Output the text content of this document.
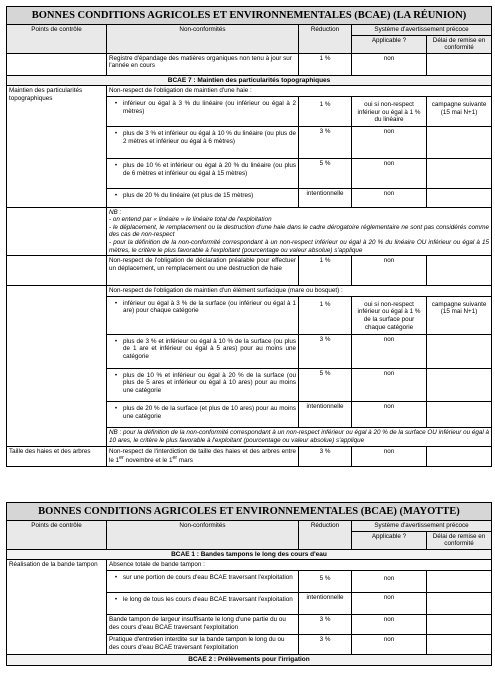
BONNES CONDITIONS AGRICOLES ET ENVIRONNEMENTALES (BCAE) (LA RÉUNION)				
Points de contrôle	Non-conformités	Réduction	Système d'avertissement précoce	
			Applicable ?	Délai de remise en conformité
	Registre d'épandage des matières organiques non tenu à jour sur l'année en cours	1 %	non	
BCAE 7 : Maintien des particularités topographiques				
Maintien des particularités topographiques	Non-respect de l'obligation de maintien d'une haie :			

	• inférieur ou égal à 3 % du linéaire (ou inférieur ou égal à 2 mètres)	1 %	oui si non-respect inférieur ou égal à 1 % du linéaire	campagne suivante (15 mai N+1)

	• plus de 3 % et inférieur ou égal à 10 % du linéaire (ou plus de 2 mètres et inférieur ou égal à 6 mètres)	3 %	non	

	• plus de 10 % et inférieur ou égal à 20 % du linéaire (ou plus de 6 mètres et inférieur ou égal à 15 mètres)	5 %	non	

	• plus de 20 % du linéaire (et plus de 15 mètres)	intentionnelle	non	

	NB :
- on entend par « linéaire » le linéaire total de l'exploitation
- le déplacement, le remplacement ou la destruction d'une haie dans le cadre dérogatoire réglementaire ne sont pas considérés comme des cas de non-respect
- pour la définition de la non-conformité correspondant à un non-respect inférieur ou égal à 20 % du linéaire OU inférieur ou égal à 15 mètres, le critère le plus favorable à l'exploitant (pourcentage ou valeur absolue) s'applique			

	Non-respect de l'obligation de déclaration préalable pour effectuer un déplacement, un remplacement ou une destruction de haie	1 %	non	
	Non-respect de l'obligation de maintien d'un élément surfacique (mare ou bosquet) :			

	• inférieur ou égal à 3 % de la surface (ou inférieur ou égal à 1 are) pour chaque catégorie	1 %	oui si non-respect inférieur ou égal à 1 % de la surface pour chaque catégorie	campagne suivante (15 mai N+1)

	• plus de 3 % et inférieur ou égal à 10 % de la surface (ou plus de 1 are et inférieur ou égal à 5 ares) pour au moins une catégorie	3 %	non	

	• plus de 10 % et inférieur ou égal à 20 % de la surface (ou plus de 5 ares et inférieur ou égal à 10 ares) pour au moins une catégorie	5 %	non	

	• plus de 20 % de la surface (et plus de 10 ares) pour au moins une catégorie	intentionnelle	non	
	NB : pour la définition de la non-conformité correspondant à un non-respect inférieur ou égal à 20 % de la surface OU inférieur ou égal à 10 ares, le critère le plus favorable à l'exploitant (pourcentage ou valeur absolue) s'applique			
Taille des haies et des arbres	Non-respect de l'interdiction de taille des haies et des arbres entre le 1er novembre et le 1er mars	3 %	non	
BONNES CONDITIONS AGRICOLES ET ENVIRONNEMENTALES (BCAE) (MAYOTTE)				
Points de contrôle	Non-conformités	Réduction	Système d'avertissement précoce	
			Applicable ?	Délai de remise en conformité
BCAE 1 : Bandes tampons le long des cours d'eau				
Réalisation de la bande tampon	Absence totale de bande tampon :			

	• sur une portion de cours d'eau BCAE traversant l'exploitation	5 %	non	

	• le long de tous les cours d'eau BCAE traversant l'exploitation	intentionnelle	non	
	Bande tampon de largeur insuffisante le long d'une partie du ou des cours d'eau BCAE traversant l'exploitation	3 %	non	
	Pratique d'entretien interdite sur la bande tampon le long du ou des cours d'eau BCAE traversant l'exploitation	3 %	non	
BCAE 2 : Prélèvements pour l'irrigation				
